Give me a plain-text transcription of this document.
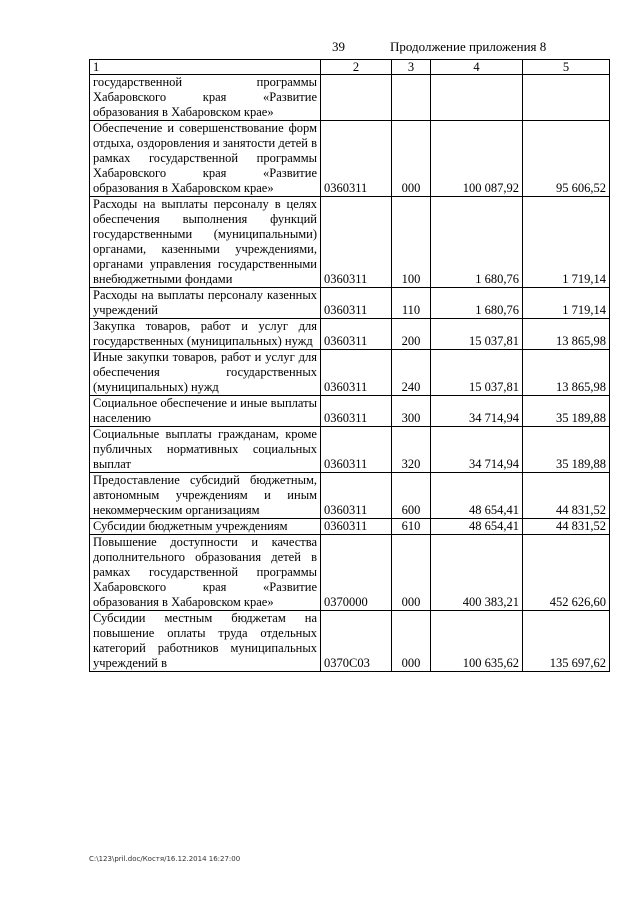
39	Продолжение приложения 8
1	2	3	4	5
государственной программы Хабаровского края «Развитие образования в Хабаровском крае»				
Обеспечение и совершенствование форм отдыха, оздоровления и занятости детей в рамках государственной программы Хабаровского края «Развитие образования в Хабаровском крае»	0360311	000	100 087,92	95 606,52
Расходы на выплаты персоналу в целях обеспечения выполнения функций государственными (муниципальными) органами, казенными учреждениями, органами управления государственными внебюджетными фондами	0360311	100	1 680,76	1 719,14
Расходы на выплаты персоналу казенных учреждений	0360311	110	1 680,76	1 719,14
Закупка товаров, работ и услуг для государственных (муниципальных) нужд	0360311	200	15 037,81	13 865,98
Иные закупки товаров, работ и услуг для обеспечения государственных (муниципальных) нужд	0360311	240	15 037,81	13 865,98
Социальное обеспечение и иные выплаты населению	0360311	300	34 714,94	35 189,88
Социальные выплаты гражданам, кроме публичных нормативных социальных выплат	0360311	320	34 714,94	35 189,88
Предоставление субсидий бюджетным, автономным учреждениям и иным некоммерческим организациям	0360311	600	48 654,41	44 831,52
Субсидии бюджетным учреждениям	0360311	610	48 654,41	44 831,52
Повышение доступности и качества дополнительного образования детей в рамках государственной программы Хабаровского края «Развитие образования в Хабаровском крае»	0370000	000	400 383,21	452 626,60
Субсидии местным бюджетам на повышение оплаты труда отдельных категорий работников муниципальных учреждений в	0370С03	000	100 635,62	135 697,62
C:\123\pril.doc/Костя/16.12.2014 16:27:00
